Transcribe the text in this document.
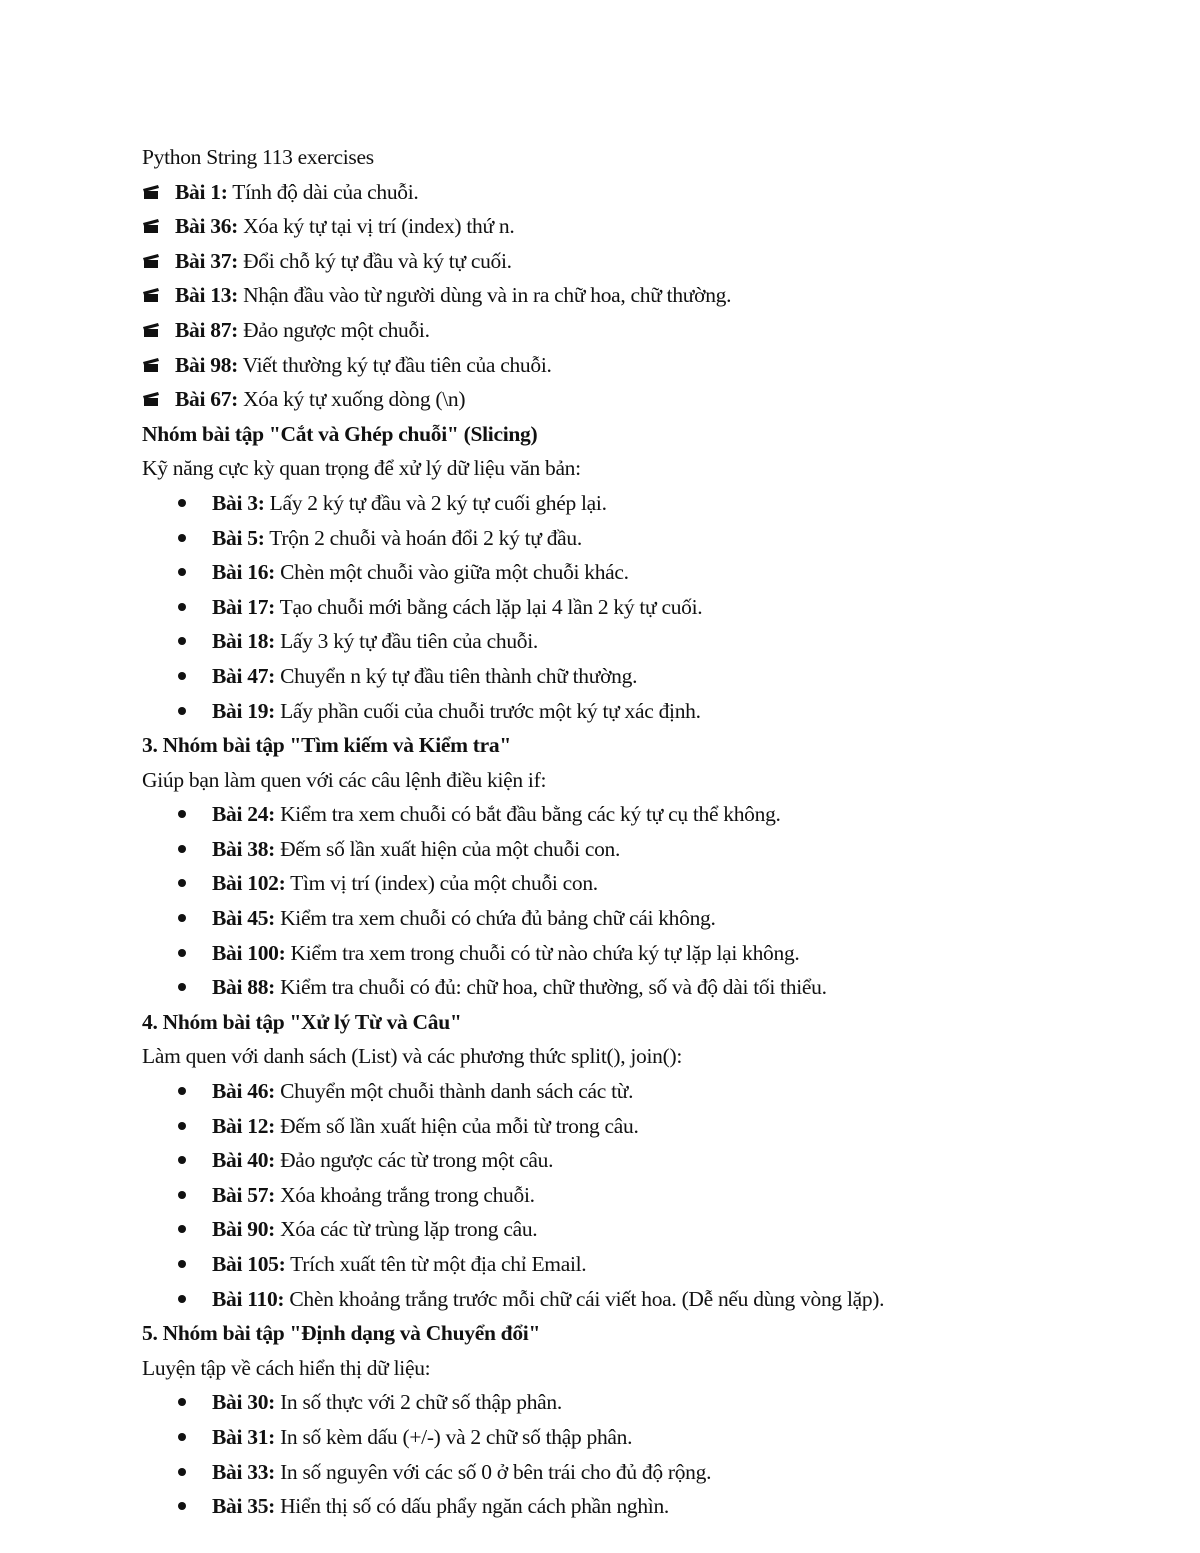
Python String 113 exercises
Bài 1: Tính độ dài của chuỗi.
Bài 36: Xóa ký tự tại vị trí (index) thứ n.
Bài 37: Đổi chỗ ký tự đầu và ký tự cuối.
Bài 13: Nhận đầu vào từ người dùng và in ra chữ hoa, chữ thường.
Bài 87: Đảo ngược một chuỗi.
Bài 98: Viết thường ký tự đầu tiên của chuỗi.
Bài 67: Xóa ký tự xuống dòng (\n)
Nhóm bài tập "Cắt và Ghép chuỗi" (Slicing)
Kỹ năng cực kỳ quan trọng để xử lý dữ liệu văn bản:
Bài 3: Lấy 2 ký tự đầu và 2 ký tự cuối ghép lại.
Bài 5: Trộn 2 chuỗi và hoán đổi 2 ký tự đầu.
Bài 16: Chèn một chuỗi vào giữa một chuỗi khác.
Bài 17: Tạo chuỗi mới bằng cách lặp lại 4 lần 2 ký tự cuối.
Bài 18: Lấy 3 ký tự đầu tiên của chuỗi.
Bài 47: Chuyển n ký tự đầu tiên thành chữ thường.
Bài 19: Lấy phần cuối của chuỗi trước một ký tự xác định.
3. Nhóm bài tập "Tìm kiếm và Kiểm tra"
Giúp bạn làm quen với các câu lệnh điều kiện if:
Bài 24: Kiểm tra xem chuỗi có bắt đầu bằng các ký tự cụ thể không.
Bài 38: Đếm số lần xuất hiện của một chuỗi con.
Bài 102: Tìm vị trí (index) của một chuỗi con.
Bài 45: Kiểm tra xem chuỗi có chứa đủ bảng chữ cái không.
Bài 100: Kiểm tra xem trong chuỗi có từ nào chứa ký tự lặp lại không.
Bài 88: Kiểm tra chuỗi có đủ: chữ hoa, chữ thường, số và độ dài tối thiểu.
4. Nhóm bài tập "Xử lý Từ và Câu"
Làm quen với danh sách (List) và các phương thức split(), join():
Bài 46: Chuyển một chuỗi thành danh sách các từ.
Bài 12: Đếm số lần xuất hiện của mỗi từ trong câu.
Bài 40: Đảo ngược các từ trong một câu.
Bài 57: Xóa khoảng trắng trong chuỗi.
Bài 90: Xóa các từ trùng lặp trong câu.
Bài 105: Trích xuất tên từ một địa chỉ Email.
Bài 110: Chèn khoảng trắng trước mỗi chữ cái viết hoa. (Dễ nếu dùng vòng lặp).
5. Nhóm bài tập "Định dạng và Chuyển đổi"
Luyện tập về cách hiển thị dữ liệu:
Bài 30: In số thực với 2 chữ số thập phân.
Bài 31: In số kèm dấu (+/-) và 2 chữ số thập phân.
Bài 33: In số nguyên với các số 0 ở bên trái cho đủ độ rộng.
Bài 35: Hiển thị số có dấu phẩy ngăn cách phần nghìn.
